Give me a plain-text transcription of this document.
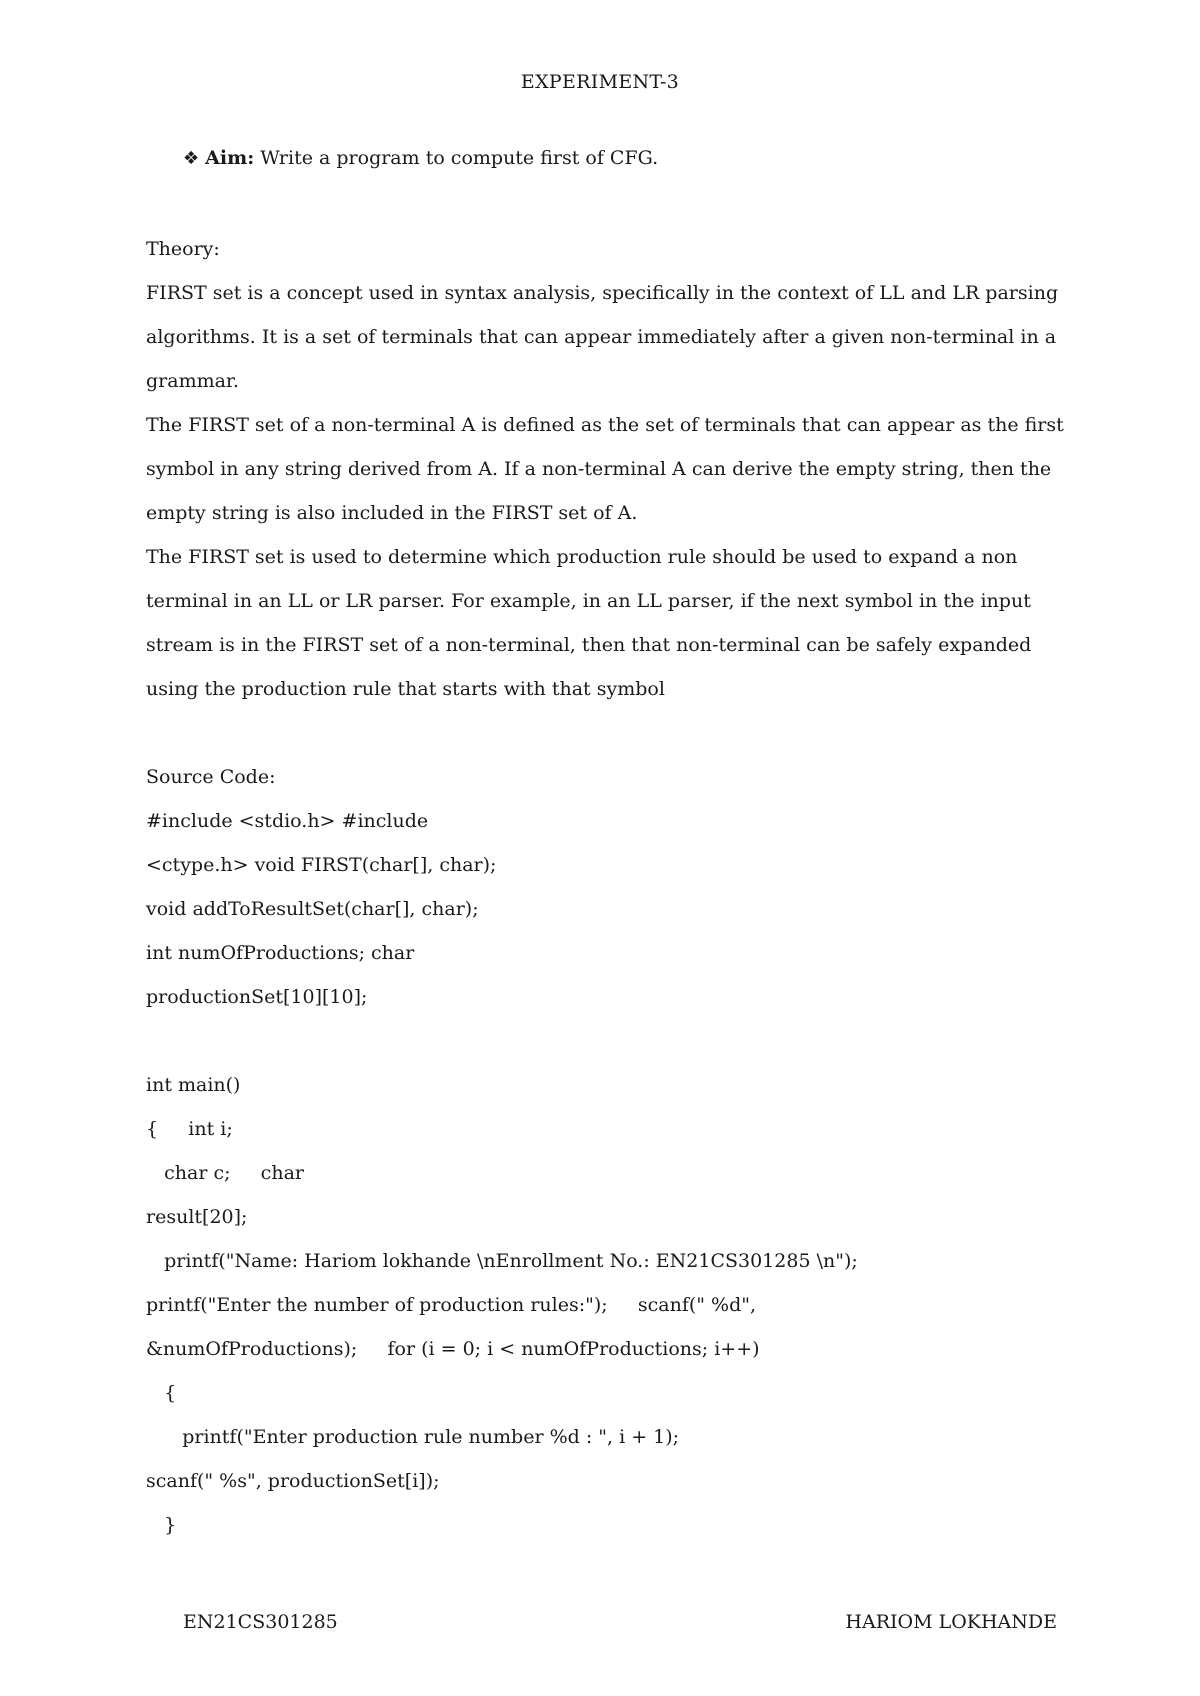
EXPERIMENT-3
❖ Aim: Write a program to compute first of CFG.
Theory:
FIRST set is a concept used in syntax analysis, specifically in the context of LL and LR parsing
algorithms. It is a set of terminals that can appear immediately after a given non-terminal in a
grammar.
The FIRST set of a non-terminal A is defined as the set of terminals that can appear as the first
symbol in any string derived from A. If a non-terminal A can derive the empty string, then the
empty string is also included in the FIRST set of A.
The FIRST set is used to determine which production rule should be used to expand a non
terminal in an LL or LR parser. For example, in an LL parser, if the next symbol in the input
stream is in the FIRST set of a non-terminal, then that non-terminal can be safely expanded
using the production rule that starts with that symbol
Source Code:
#include <stdio.h> #include
<ctype.h> void FIRST(char[], char);
void addToResultSet(char[], char);
int numOfProductions; char
productionSet[10][10];
int main()
{     int i;
char c;     char
result[20];
printf("Name: Hariom lokhande \nEnrollment No.: EN21CS301285 \n");
printf("Enter the number of production rules:");     scanf(" %d",
&numOfProductions);     for (i = 0; i < numOfProductions; i++)
{
printf("Enter production rule number %d : ", i + 1);
scanf(" %s", productionSet[i]);
}
EN21CS301285	HARIOM LOKHANDE
